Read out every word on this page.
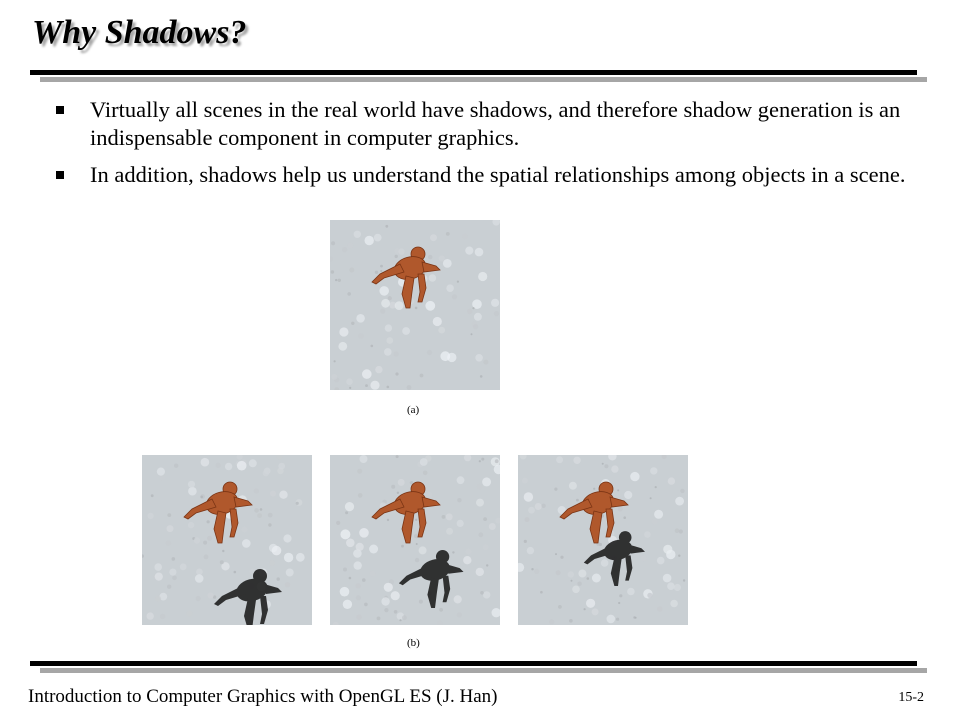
Why Shadows?
Virtually all scenes in the real world have shadows, and therefore shadow generation is an indispensable component in computer graphics.
In addition, shadows help us understand the spatial relationships among objects in a scene.
(a)
(b)
Introduction to Computer Graphics with OpenGL ES (J. Han)	15-2
